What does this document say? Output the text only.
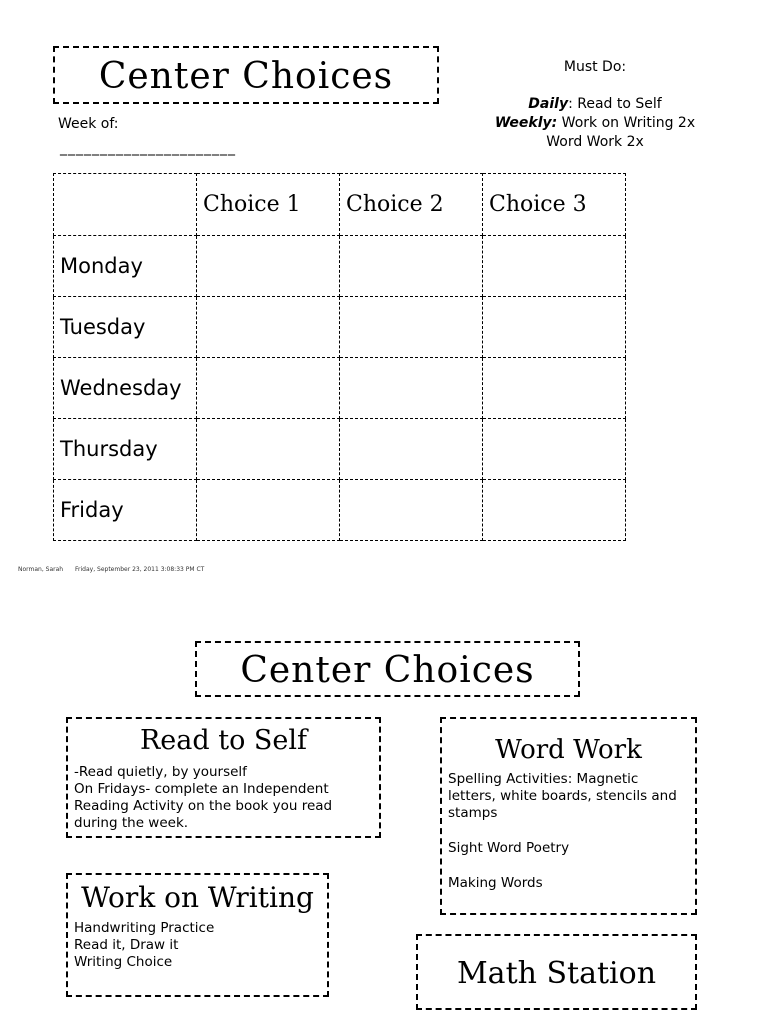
Center Choices
Week of:
______________________
Must Do:
Daily: Read to Self
Weekly: Work on Writing 2x
Word Work 2x
	Choice 1	Choice 2	Choice 3
Monday			
Tuesday			
Wednesday			
Thursday			
Friday			
Norman, Sarah Friday, September 23, 2011 3:08:33 PM CT
Center Choices
Read to Self
-Read quietly, by yourself
On Fridays- complete an Independent Reading Activity on the book you read during the week.
Word Work
Spelling Activities: Magnetic letters, white boards, stencils and stamps
Sight Word Poetry
Making Words
Work on Writing
Handwriting Practice
Read it, Draw it
Writing Choice	Math Station
